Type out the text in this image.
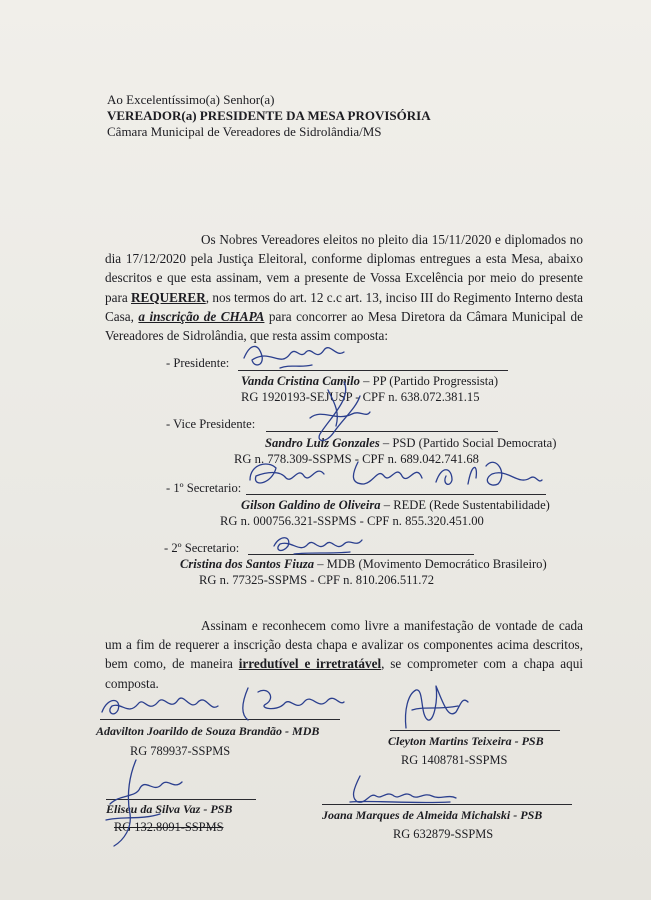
Ao Excelentíssimo(a) Senhor(a)
VEREADOR(a) PRESIDENTE DA MESA PROVISÓRIA
Câmara Municipal de Vereadores de Sidrolândia/MS

Os Nobres Vereadores eleitos no pleito dia 15/11/2020 e diplomados no dia 17/12/2020 pela Justiça Eleitoral, conforme diplomas entregues a esta Mesa, abaixo descritos e que esta assinam, vem a presente de Vossa Excelência por meio do presente para REQUERER, nos termos do art. 12 c.c art. 13, inciso III do Regimento Interno desta Casa, a inscrição de CHAPA para concorrer ao Mesa Diretora da Câmara Municipal de Vereadores de Sidrolândia, que resta assim composta:

- Presidente:
Vanda Cristina Camilo – PP (Partido Progressista)
RG 1920193-SEJUSP - CPF n. 638.072.381.15
- Vice Presidente:
Sandro Luiz Gonzales – PSD (Partido Social Democrata)
RG n. 778.309-SSPMS - CPF n. 689.042.741.68
- 1º Secretario:
Gilson Galdino de Oliveira – REDE (Rede Sustentabilidade)
RG n. 000756.321-SSPMS - CPF n. 855.320.451.00
- 2º Secretario:
Cristina dos Santos Fiuza – MDB (Movimento Democrático Brasileiro)
RG n. 77325-SSPMS - CPF n. 810.206.511.72

Assinam e reconhecem como livre a manifestação de vontade de cada um a fim de requerer a inscrição desta chapa e avalizar os componentes acima descritos, bem como, de maneira irredutível e irretratável, se comprometer com a chapa aqui composta.

Adavilton Joarildo de Souza Brandão - MDB
RG 789937-SSPMS
Cleyton Martins Teixeira - PSB
RG 1408781-SSPMS
Eliseu da Silva Vaz - PSB
RG 132.8091-SSPMS
Joana Marques de Almeida Michalski - PSB
RG 632879-SSPMS
